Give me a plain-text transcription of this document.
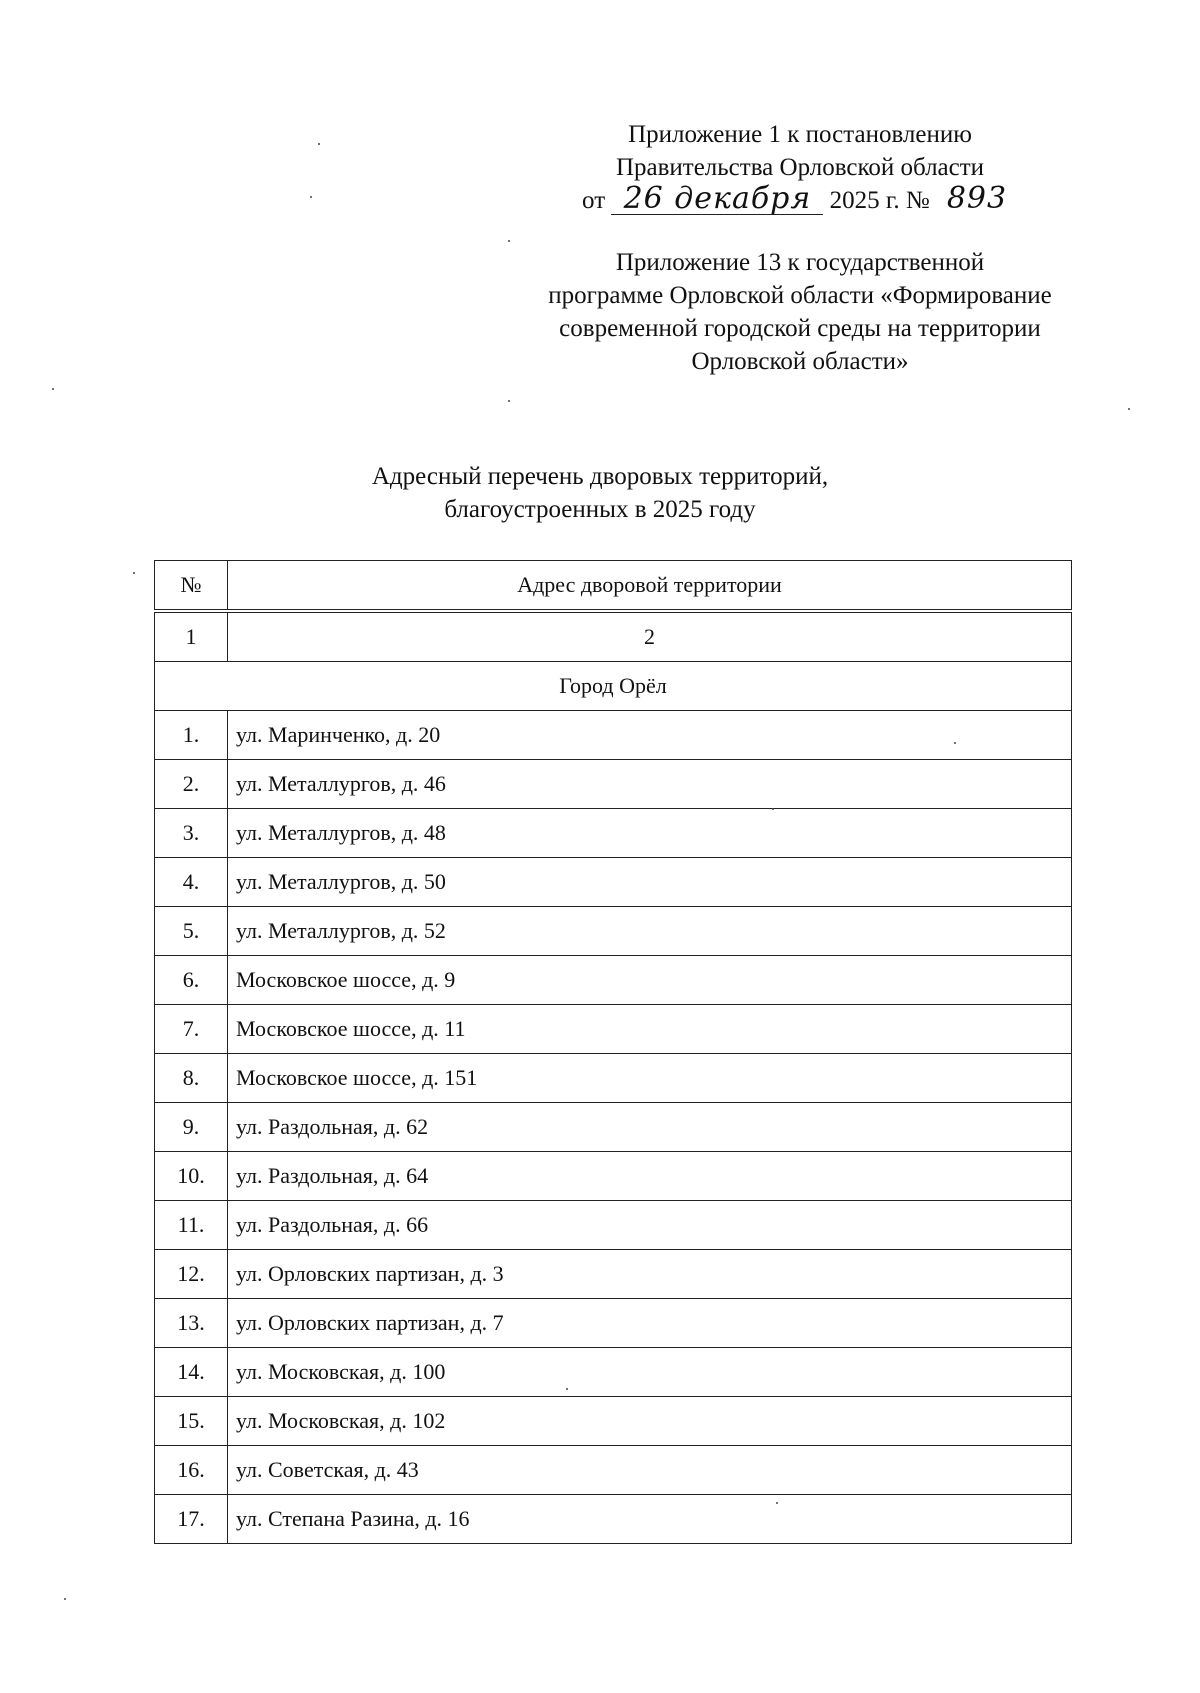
Приложение 1 к постановлению
Правительства Орловской области
от 26 декабря 2025 г. № 893
Приложение 13 к государственной
программе Орловской области «Формирование
современной городской среды на территории
Орловской области»
Адресный перечень дворовых территорий,
благоустроенных в 2025 году
№	Адрес дворовой территории

1	2
Город Орёл	
1.	ул. Маринченко, д. 20
2.	ул. Металлургов, д. 46
3.	ул. Металлургов, д. 48
4.	ул. Металлургов, д. 50
5.	ул. Металлургов, д. 52
6.	Московское шоссе, д. 9
7.	Московское шоссе, д. 11
8.	Московское шоссе, д. 151
9.	ул. Раздольная, д. 62
10.	ул. Раздольная, д. 64
11.	ул. Раздольная, д. 66
12.	ул. Орловских партизан, д. 3
13.	ул. Орловских партизан, д. 7
14.	ул. Московская, д. 100
15.	ул. Московская, д. 102
16.	ул. Советская, д. 43
17.	ул. Степана Разина, д. 16
